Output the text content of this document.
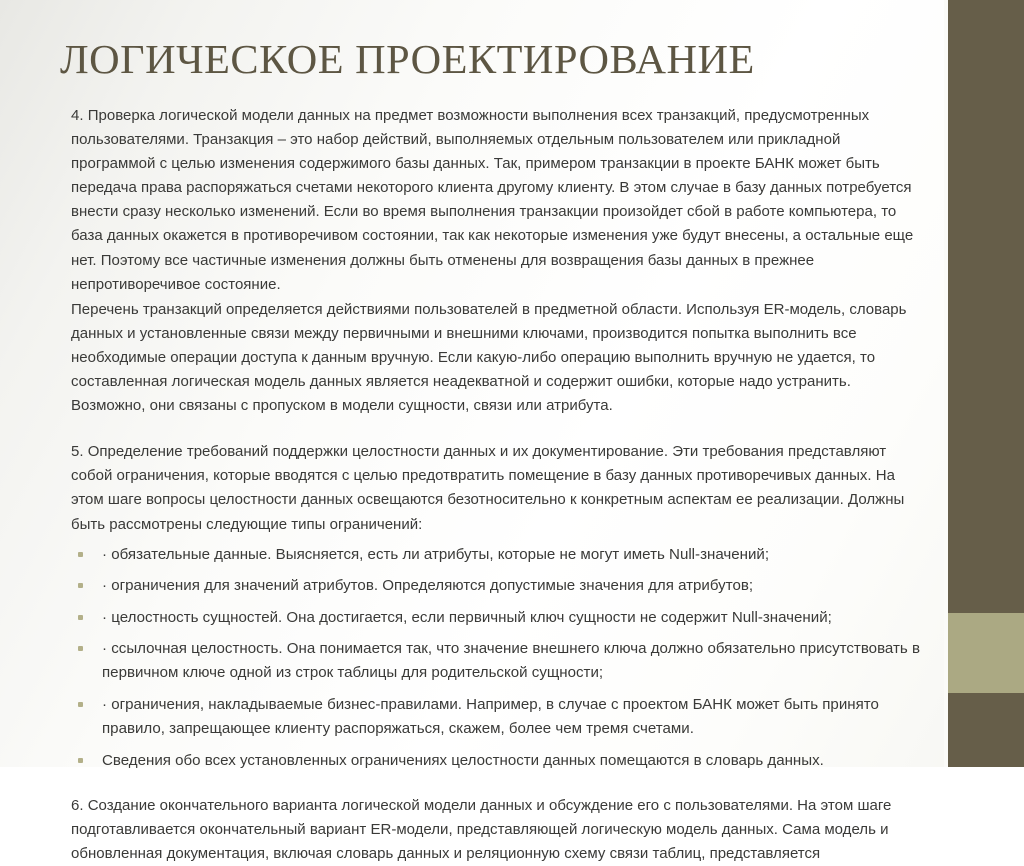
ЛОГИЧЕСКОЕ ПРОЕКТИРОВАНИЕ

4. Проверка логической модели данных на предмет возможности выполнения всех транзакций, предусмотренных пользователями. Транзакция – это набор действий, выполняемых отдельным пользователем или прикладной программой с целью изменения содержимого базы данных. Так, примером транзакции в проекте БАНК может быть передача права распоряжаться счетами некоторого клиента другому клиенту. В этом случае в базу данных потребуется внести сразу несколько изменений. Если во время выполнения транзакции произойдет сбой в работе компьютера, то база данных окажется в противоречивом состоянии, так как некоторые изменения уже будут внесены, а остальные еще нет. Поэтому все частичные изменения должны быть отменены для возвращения базы данных в прежнее непротиворечивое состояние.

Перечень транзакций определяется действиями пользователей в предметной области. Используя ER-модель, словарь данных и установленные связи между первичными и внешними ключами, производится попытка выполнить все необходимые операции доступа к данным вручную. Если какую-либо операцию выполнить вручную не удается, то составленная логическая модель данных является неадекватной и содержит ошибки, которые надо устранить. Возможно, они связаны с пропуском в модели сущности, связи или атрибута.

5. Определение требований поддержки целостности данных и их документирование. Эти требования представляют собой ограничения, которые вводятся с целью предотвратить помещение в базу данных противоречивых данных. На этом шаге вопросы целостности данных освещаются безотносительно к конкретным аспектам ее реализации. Должны быть рассмотрены следующие типы ограничений:

· обязательные данные. Выясняется, есть ли атрибуты, которые не могут иметь Null-значений;
· ограничения для значений атрибутов. Определяются допустимые значения для атрибутов;
· целостность сущностей. Она достигается, если первичный ключ сущности не содержит Null-значений;
· ссылочная целостность. Она понимается так, что значение внешнего ключа должно обязательно присутствовать в первичном ключе одной из строк таблицы для родительской сущности;
· ограничения, накладываемые бизнес-правилами. Например, в случае с проектом БАНК может быть принято правило, запрещающее клиенту распоряжаться, скажем, более чем тремя счетами.
Сведения обо всех установленных ограничениях целостности данных помещаются в словарь данных.

6. Создание окончательного варианта логической модели данных и обсуждение его с пользователями. На этом шаге подготавливается окончательный вариант ER-модели, представляющей логическую модель данных. Сама модель и обновленная документация, включая словарь данных и реляционную схему связи таблиц, представляется
